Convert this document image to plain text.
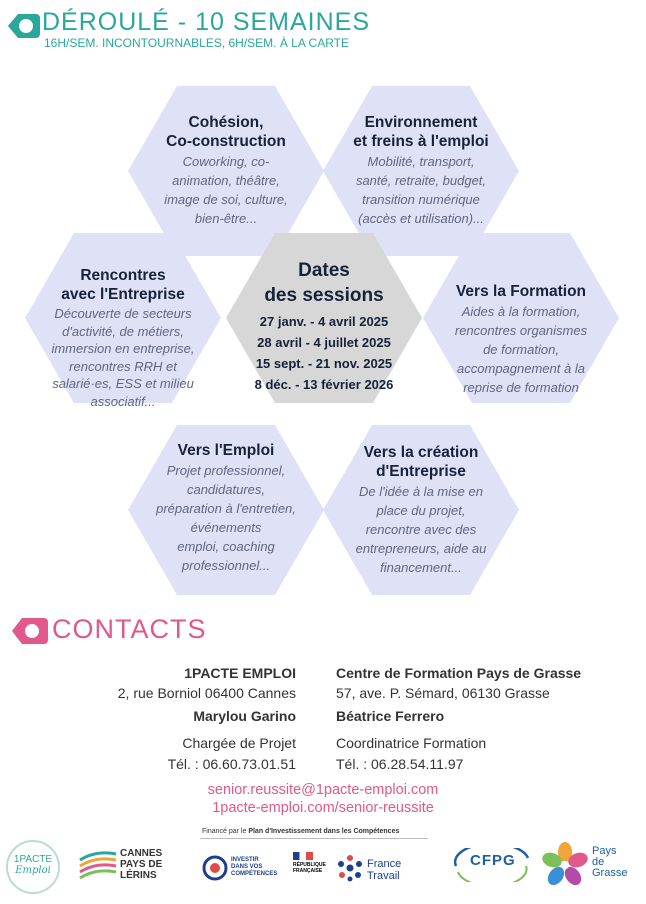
DÉROULÉ - 10 SEMAINES
16H/SEM. INCONTOURNABLES, 6H/SEM. À LA CARTE
Cohésion,
Co-construction
Coworking, co-
animation, théâtre,
image de soi, culture,
bien-être...
Environnement
et freins à l'emploi
Mobilité, transport,
santé, retraite, budget,
transition numérique
(accès et utilisation)...
Rencontres
avec l'Entreprise
Découverte de secteurs
d'activité, de métiers,
immersion en entreprise,
rencontres RRH et
salarié·es, ESS et milieu
associatif...
Dates
des sessions
27 janv. - 4 avril 2025
28 avril - 4 juillet 2025
15 sept. - 21 nov. 2025
8 déc. - 13 février 2026
Vers la Formation
Aides à la formation,
rencontres organismes
de formation,
accompagnement à la
reprise de formation
Vers l'Emploi
Projet professionnel,
candidatures,
préparation à l'entretien,
événements
emploi, coaching
professionnel...
Vers la création
d'Entreprise
De l'idée à la mise en
place du projet,
rencontre avec des
entrepreneurs, aide au
financement...
CONTACTS
1PACTE EMPLOI
2, rue Borniol 06400 Cannes
Marylou Garino
Chargée de Projet
Tél. : 06.60.73.01.51
Centre de Formation Pays de Grasse
57, ave. P. Sémard, 06130 Grasse
Béatrice Ferrero
Coordinatrice Formation
Tél. : 06.28.54.11.97
senior.reussite@1pacte-emploi.com
1pacte-emploi.com/senior-reussite
Financé par le Plan d'Investissement dans les Compétences
1PACTE
Emploi
CANNES
PAYS DE
LÉRINS
INVESTIR
DANS VOS
COMPÉTENCES
RÉPUBLIQUE
FRANÇAISE
France
Travail
CFPG
Pays
de
Grasse
